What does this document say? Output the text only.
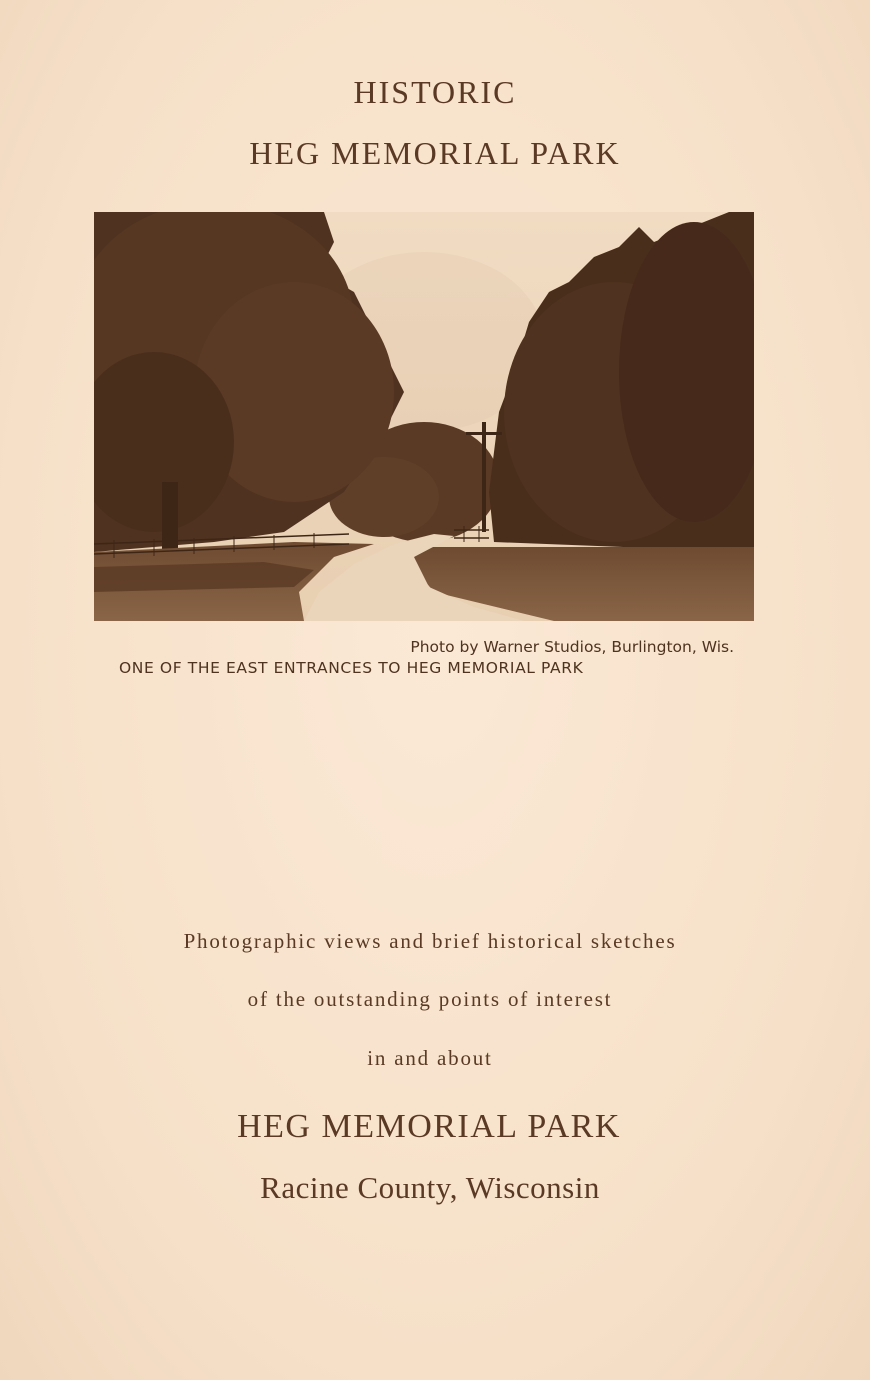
HISTORIC
HEG MEMORIAL PARK
Photo by Warner Studios, Burlington, Wis.
ONE OF THE EAST ENTRANCES TO HEG MEMORIAL PARK
Photographic views and brief historical sketches
of the outstanding points of interest
in and about
HEG MEMORIAL PARK
Racine County, Wisconsin
